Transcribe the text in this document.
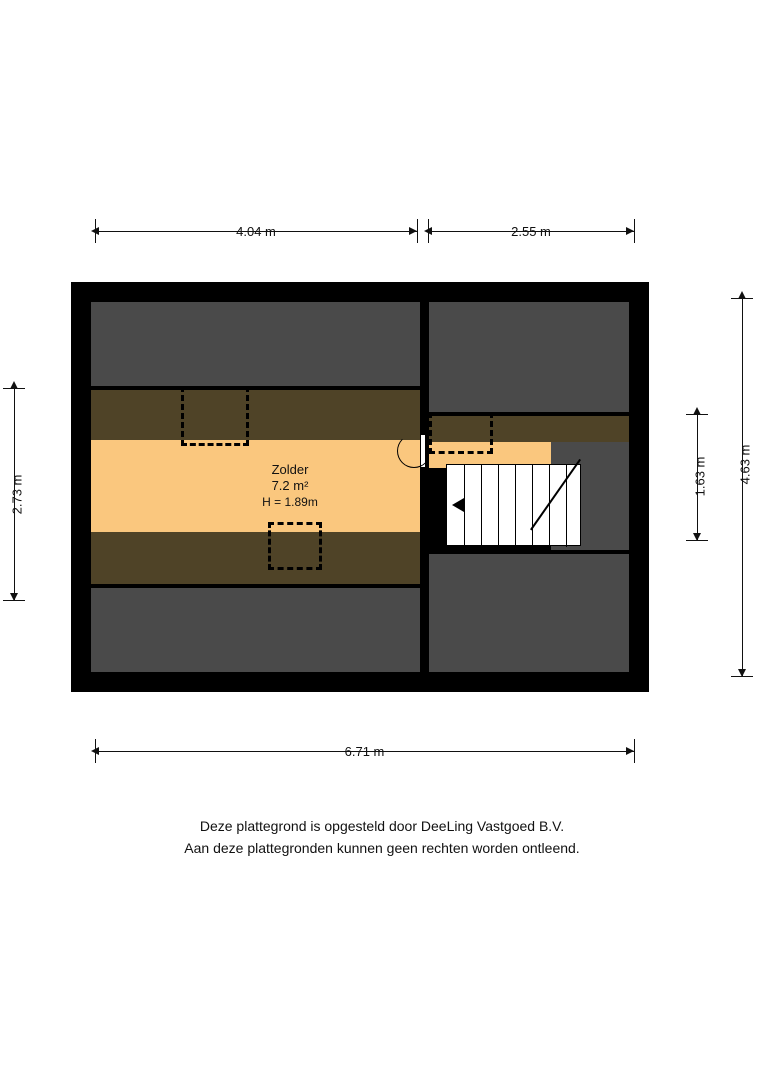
4.04 m	2.55 m
2.73 m	1.63 m 4.63 m
6.71 m
Zolder
7.2 m²
H = 1.89m
Deze plattegrond is opgesteld door DeeLing Vastgoed B.V.
Aan deze plattegronden kunnen geen rechten worden ontleend.
